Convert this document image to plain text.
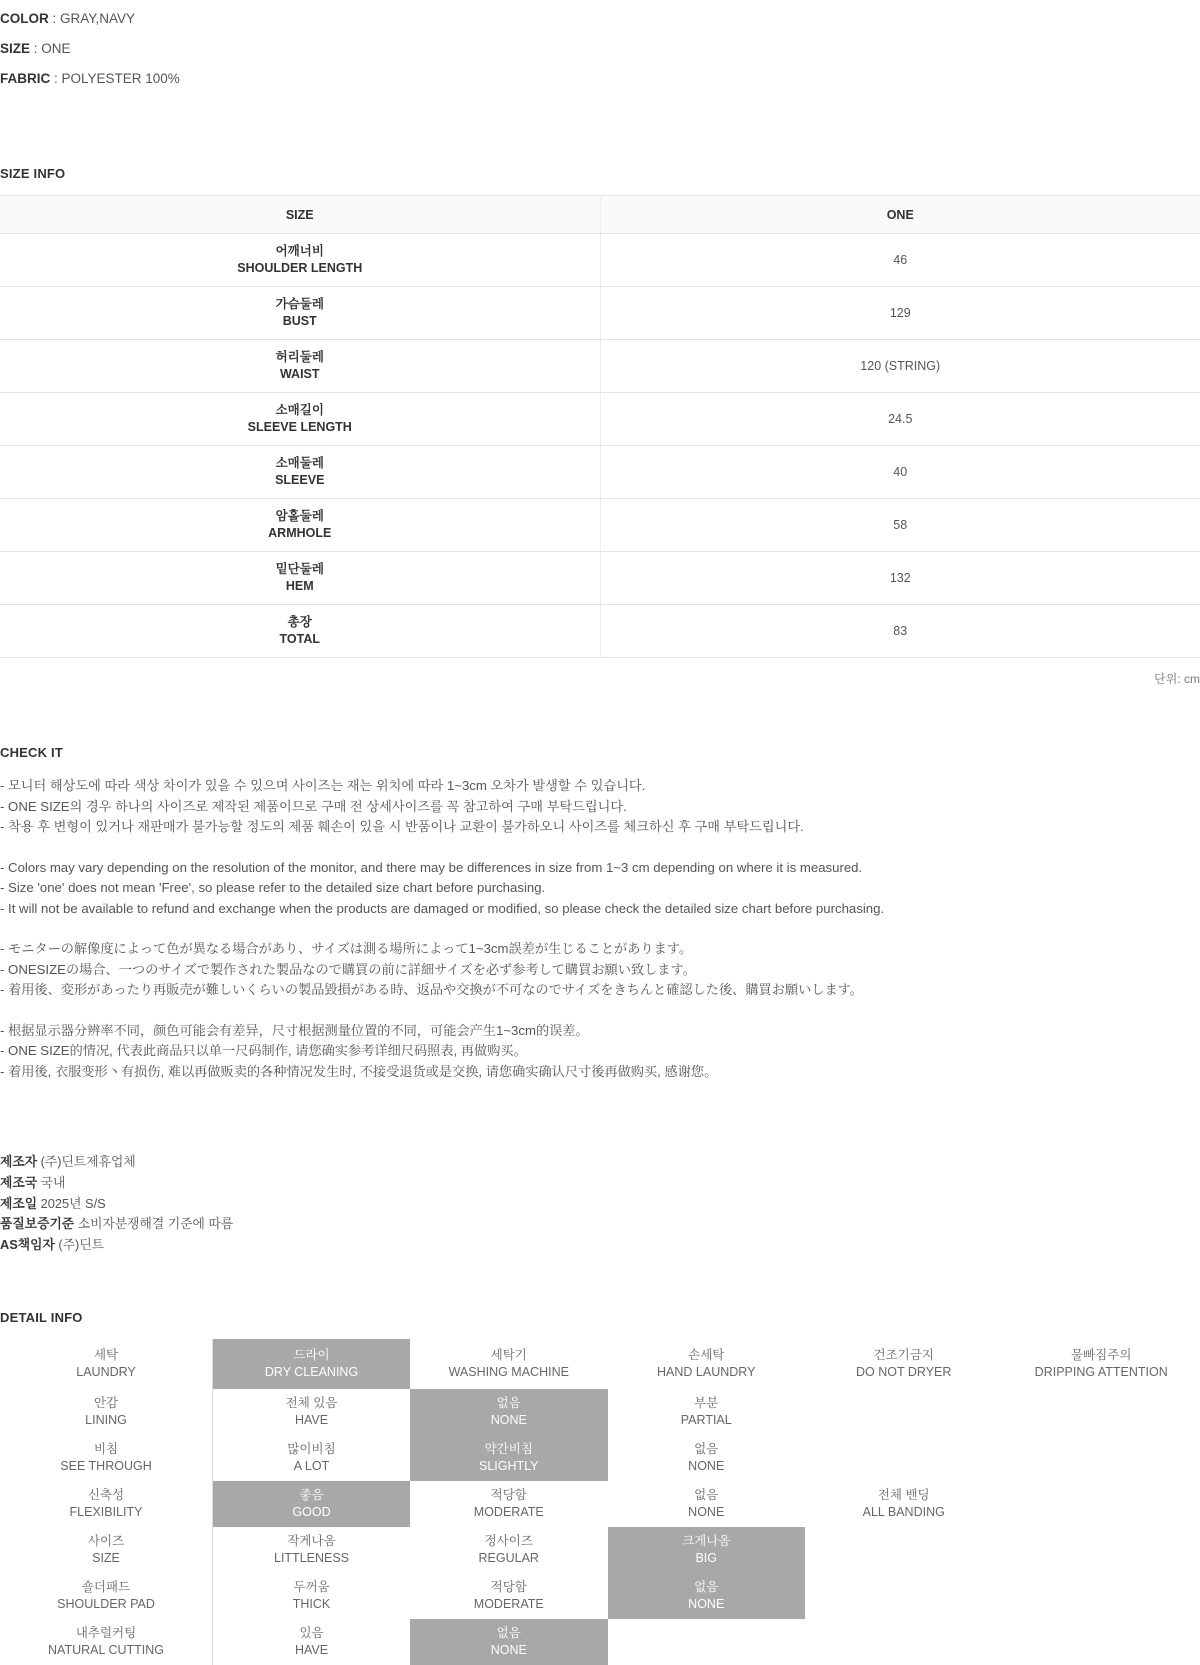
COLOR : GRAY,NAVY
SIZE : ONE
FABRIC : POLYESTER 100%
SIZE INFO
SIZE	ONE

어깨너비
SHOULDER LENGTH	46

가슴둘레
BUST	129

허리둘레
WAIST	120 (STRING)

소매길이
SLEEVE LENGTH	24.5

소매둘레
SLEEVE	40

암홀둘레
ARMHOLE	58

밑단둘레
HEM	132

총장
TOTAL	83
단위: cm
CHECK IT

- 모니터 해상도에 따라 색상 차이가 있을 수 있으며 사이즈는 재는 위치에 따라 1~3cm 오차가 발생할 수 있습니다.

- ONE SIZE의 경우 하나의 사이즈로 제작된 제품이므로 구매 전 상세사이즈를 꼭 참고하여 구매 부탁드립니다.

- 착용 후 변형이 있거나 재판매가 불가능할 정도의 제품 훼손이 있을 시 반품이나 교환이 불가하오니 사이즈를 체크하신 후 구매 부탁드립니다.

- Colors may vary depending on the resolution of the monitor, and there may be differences in size from 1~3 cm depending on where it is measured.

- Size 'one' does not mean 'Free', so please refer to the detailed size chart before purchasing.

- It will not be available to refund and exchange when the products are damaged or modified, so please check the detailed size chart before purchasing.

- モニターの解像度によって色が異なる場合があり、サイズは測る場所によって1~3cm誤差が生じることがあります。

- ONESIZEの場合、一つのサイズで製作された製品なので購買の前に詳細サイズを必ず参考して購買お願い致します。

- 着用後、変形があったり再販売が難しいくらいの製品毀損がある時、返品や交換が不可なのでサイズをきちんと確認した後、購買お願いします。

- 根据显示器分辨率不同，颜色可能会有差异，尺寸根据测量位置的不同，可能会产生1~3cm的误差。

- ONE SIZE的情况, 代表此商品只以单一尺码制作, 请您确实参考详细尺码照表, 再做购买。

- 着用後, 衣服变形丶有损伤, 难以再做贩卖的各种情况发生时, 不接受退货或是交换, 请您确实确认尺寸後再做购买, 感谢您。

제조자 (주)딘트제휴업체

제조국 국내

제조일 2025년 S/S

품질보증기준 소비자분쟁해결 기준에 따름

AS책임자 (주)딘트

DETAIL INFO
세탁
LAUNDRY	드라이
DRY CLEANING	세탁기
WASHING MACHINE	손세탁
HAND LAUNDRY	건조기금지
DO NOT DRYER	물빠짐주의
DRIPPING ATTENTION

안감
LINING	전체 있음
HAVE	없음
NONE	부분
PARTIAL		

비침
SEE THROUGH	많이비침
A LOT	약간비침
SLIGHTLY	없음
NONE		

신축성
FLEXIBILITY	좋음
GOOD	적당함
MODERATE	없음
NONE	전체 밴딩
ALL BANDING	

사이즈
SIZE	작게나옴
LITTLENESS	정사이즈
REGULAR	크게나옴
BIG		

숄더패드
SHOULDER PAD	두꺼움
THICK	적당함
MODERATE	없음
NONE		

내추럴커팅
NATURAL CUTTING	있음
HAVE	없음
NONE			
